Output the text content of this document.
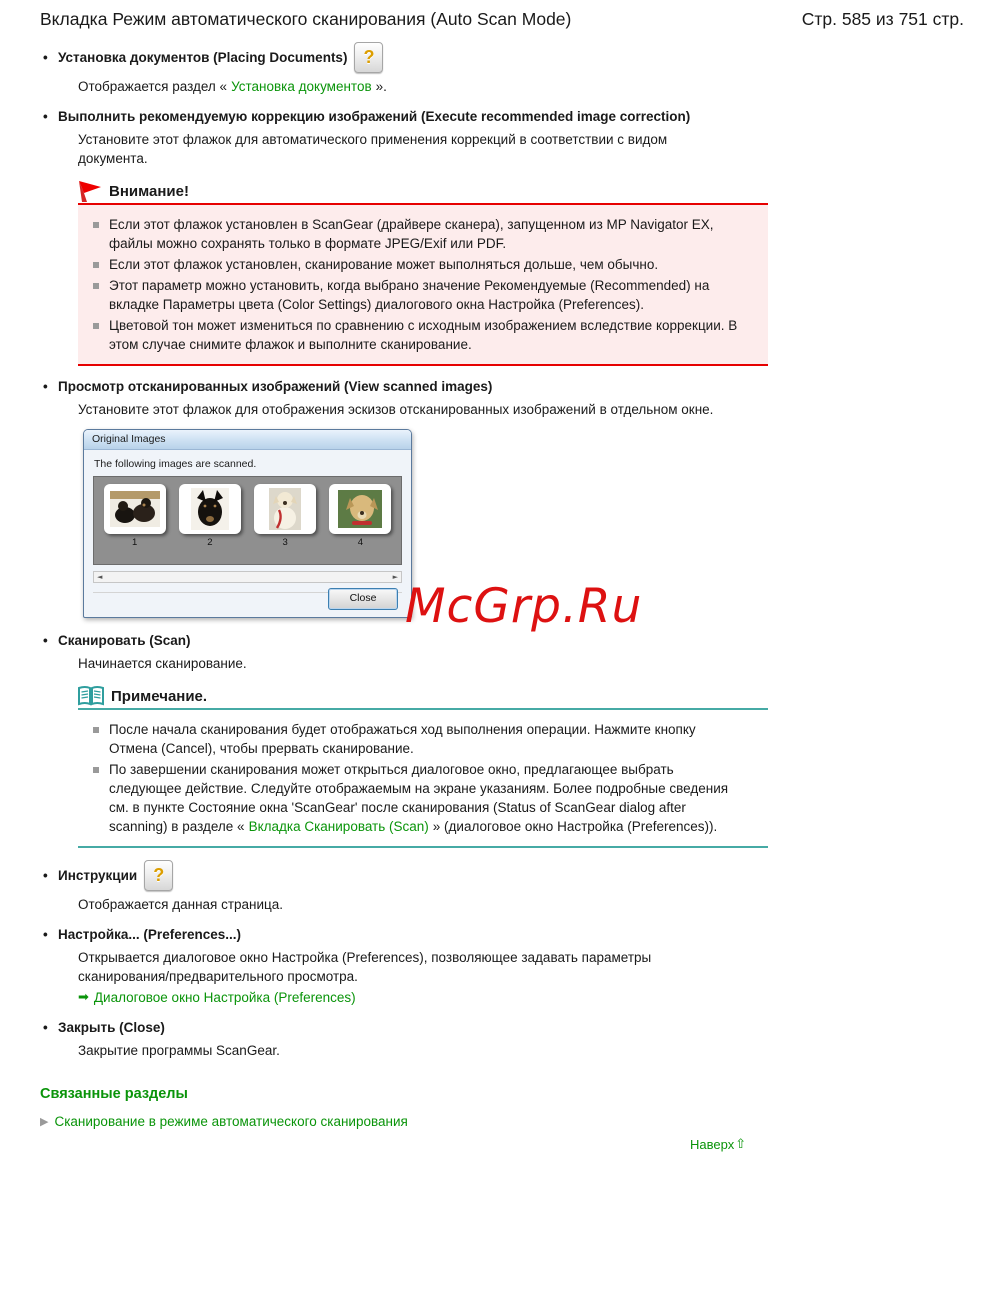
Вкладка Режим автоматического сканирования (Auto Scan Mode)	Стр. 585 из 751 стр.
• Установка документов (Placing Documents) ?
Отображается раздел « Установка документов ».
• Выполнить рекомендуемую коррекцию изображений (Execute recommended image correction)
Установите этот флажок для автоматического применения коррекций в соответствии с видом документа.
Внимание!
Если этот флажок установлен в ScanGear (драйвере сканера), запущенном из MP Navigator EX, файлы можно сохранять только в формате JPEG/Exif или PDF.
Если этот флажок установлен, сканирование может выполняться дольше, чем обычно.
Этот параметр можно установить, когда выбрано значение Рекомендуемые (Recommended) на вкладке Параметры цвета (Color Settings) диалогового окна Настройка (Preferences).
Цветовой тон может измениться по сравнению с исходным изображением вследствие коррекции. В этом случае снимите флажок и выполните сканирование.
• Просмотр отсканированных изображений (View scanned images)
Установите этот флажок для отображения эскизов отсканированных изображений в отдельном окне.
Original Images
The following images are scanned.
1	2	3	4
◄	►
Close McGrp.Ru
• Сканировать (Scan)
Начинается сканирование.
Примечание.
После начала сканирования будет отображаться ход выполнения операции. Нажмите кнопку Отмена (Cancel), чтобы прервать сканирование.
По завершении сканирования может открыться диалоговое окно, предлагающее выбрать следующее действие. Следуйте отображаемым на экране указаниям. Более подробные сведения см. в пункте Состояние окна 'ScanGear' после сканирования (Status of ScanGear dialog after scanning) в разделе « Вкладка Сканировать (Scan) » (диалоговое окно Настройка (Preferences)).
• Инструкции ?
Отображается данная страница.
• Настройка... (Preferences...)
Открывается диалоговое окно Настройка (Preferences), позволяющее задавать параметры сканирования/предварительного просмотра.
➡ Диалоговое окно Настройка (Preferences)
• Закрыть (Close)
Закрытие программы ScanGear.
Связанные разделы
▶ Сканирование в режиме автоматического сканирования
Наверх ⇧
